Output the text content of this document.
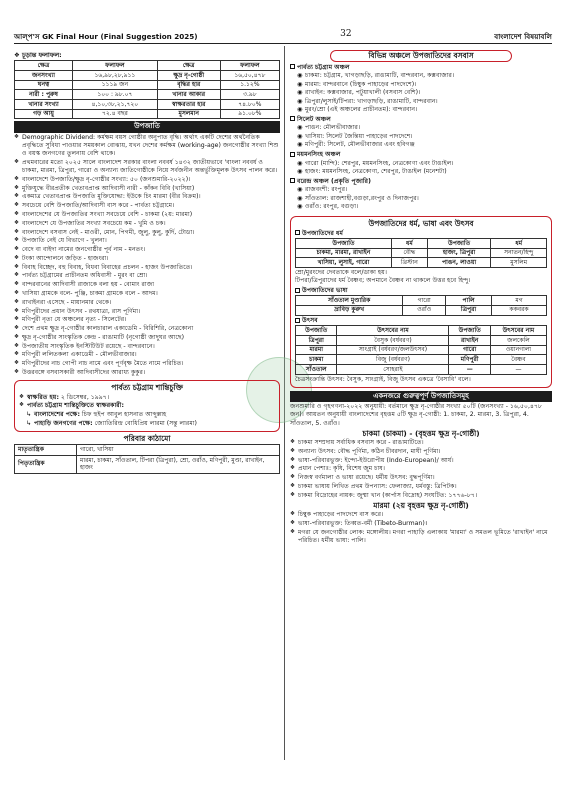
আল্‌প'স GK Final Hour (Final Suggestion 2025)	32	বাংলাদেশ বিষয়াবলি
❖ চূড়ান্ত ফলাফল:
ক্ষেত্র	ফলাফল	ক্ষেত্র	ফলাফল
জনসংখ্যা	১৬,৯৮,২৮,৯১১	ক্ষুদ্র নৃ-গোষ্ঠী	১৬,৫০,৪৭৮
ঘনত্ব	১১১৯ জন	বৃদ্ধির হার	১.১২%
নারী : পুরুষ	১০০ : ৯৮.০৭	খানার আকার	৩.৯৮
খানার সংখ্যা	৪,১০,৩৮,২১,৭২০	স্বাক্ষরতার হার	৭৪.৮০%
গড় আয়ু	৭২.৪ বছর	মুসলমান	৯১.০৮%
উপজাতি
❖ Demographic Dividend: কর্মক্ষম বয়স গোষ্ঠীর অনুপাত বৃদ্ধি। অর্থাৎ একটি দেশের অর্থনৈতিক প্রবৃদ্ধিতে সুবিধা পাওয়ার সময়কাল বোঝায়, যখন দেশের কর্মক্ষম (working-age) জনগোষ্ঠীর সংখ্যা শিশু ও বয়স্ক জনগণের তুলনায় বেশি থাকে।
❖ প্রথমবারের মতো ২০২৫ সালে বাংলাদেশ সরকার বাংলা নববর্ষ ১৪৩২ জাতীয়ভাবে 'বাংলা নববর্ষ ও চাকমা, মারমা, ত্রিপুরা, গারো ও অন্যান্য জাতিগোষ্ঠীকে নিয়ে সর্বজনীন অন্তর্ভুক্তিমূলক উৎসব পালন করে।
❖ বাংলাদেশে উপজাতি/ক্ষুদ্র নৃ-গোষ্ঠীর সংখ্যা: ৫০ (জনশুমারি-২০২২)।
❖ মুক্তিযুদ্ধে বীরপ্রতীক খেতাবপ্রাপ্ত আদিবাসী নারী - কাঁকন বিবি (খাসিয়া)
❖ একমাত্র খেতাবপ্রাপ্ত উপজাতি মুক্তিযোদ্ধা: ইউকে চিং মারমা (বীর বিক্রম)।
❖ সবচেয়ে বেশি উপজাতি/আদিবাসী বাস করে - পার্বত্য চট্টগ্রামে।
❖ বাংলাদেশের যে উপজাতির সংখ্যা সবচেয়ে বেশি - চাকমা (২য়: মারমা)
❖ বাংলাদেশে যে উপজাতির সংখ্যা সবচেয়ে কম - খুমি ও চক।
❖ বাংলাদেশে বসবাস নেই - মাওরী, মোন, পিগমী, জুলু, কুলু, কুর্দি, টোডা।
❖ উপজাতি নেই যে বিভাগে - খুলনা।
❖ বেদে বা বাইদা নামের জনগোষ্ঠীর পূর্ব নাম - মনতং।
❖ টংকা আন্দোলনে জড়িত - হাজংরা।
❖ বিবাহ বিচ্ছেদ, বহু বিবাহ, বিধবা বিবাহের প্রচলন - হাজং উপজাতিতে।
❖ পার্বত্য চট্টগ্রামের প্রাচীনতম অধিবাসী - মুরং বা ম্রো।
❖ বান্দরবানের আদিবাসী রাজাকে বলা হয় - বোমাং রাজা
❖ খাসিয়া গ্রামকে বলে- পুঞ্জি, চাকমা গ্রামকে বলে - আদম।
❖ রাখাইনরা এসেছে - মায়ানমার থেকে।
❖ মণিপুরীদের প্রধান উৎসব - রথযাত্রা, রাস পূর্ণিমা।
❖ মণিপুরী নৃত্য যে অঞ্চলের নৃত্য - সিলেটের।
❖ দেশে প্রথম ক্ষুদ্র নৃ-গোষ্ঠীর কালচারাল একাডেমি - বিরিশিরি, নেত্রকোনা
❖ ক্ষুদ্র নৃ-গোষ্ঠীর সাংস্কৃতিক কেন্দ্র - রাঙামাটি (নৃগোষ্ঠী জাদুঘর আছে)
❖ উপজাতীয় সাংস্কৃতিক ইনস্টিটিউট রয়েছে - বান্দরবানে।
❖ মণিপুরী ললিতকলা একাডেমী - মৌলভীবাজার।
❖ মণিপুরীদের নাচ গোপী নাচ নামে এবং পূর্ণবৃক্ষ মৈতে নামে পরিচিত।
❖ উত্তরবঙ্গে বসবাসকারী আদিবাসীদের আরাধ্য কুকুর।
পার্বত্য চট্টগ্রাম শান্তিচুক্তি
❖ স্বাক্ষরিত হয়: ২ ডিসেম্বর, ১৯৯৭।
❖ পার্বত্য চট্টগ্রাম শান্তিচুক্তিতে স্বাক্ষরকারী:
↳ বাংলাদেশের পক্ষে: চিফ হুইপ আবুল হাসনাত আব্দুল্লাহ
↳ পাহাড়ি জনগণের পক্ষে: জ্যোতিরিন্দ্র বোধিপ্রিয় লারমা (সন্তু লারমা)
পরিবার কাঠামো
মাতৃতান্ত্রিক	গারো, খাসিয়া
পিতৃতান্ত্রিক	মারমা, চাকমা, সাঁওতাল, টিপরা (ত্রিপুরা), ম্রো, ওরাঁও, মণিপুরী, মুণ্ডা, রাখাইন, হাজং
বিভিন্ন অঞ্চলে উপজাতিদের বসবাস
পার্বত্য চট্টগ্রাম অঞ্চল
◉ চাকমা: চট্টগ্রাম, খাগড়াছড়ি, রাঙামাটি, বান্দরবান, কক্সবাজার।
◉ মারমা: বান্দরবানে (চিম্বুক পাহাড়ের পাদদেশে)।
◉ রাখাইন: কক্সবাজার, পটুয়াখালী (বসবাস বেশি)।
◉ ত্রিপুরা/লুসাই/টিপরা: খাগড়াছড়ি, রাঙামাটি, বান্দরবান।
◉ মুরং/ম্রো (এই অঞ্চলের প্রাচীনতম): বান্দরবান।
সিলেট অঞ্চল
◉ পাঙন: মৌলভীবাজার।
◉ খাসিয়া: সিলেট জৈন্তিয়া পাহাড়ের পাদদেশে।
◉ মণিপুরী: সিলেট, মৌলভীবাজার এবং হবিগঞ্জ
ময়মনসিংহ অঞ্চল
◉ গারো (মান্দি): শেরপুর, ময়মনসিংহ, নেত্রকোণা এবং টাঙাইল।
◉ হাজং: ময়মনসিংহ, নেত্রকোণা, শেরপুর, টাঙাইল (মনেশটা)
বরেন্দ্র অঞ্চল (প্রকৃতি পূজারি)
◉ রাজবংশী: রংপুর।
◉ সাঁওতাল: রাজশাহী,বগুড়া,রংপুর ও দিনাজপুর।
◉ ওরাঁও: রংপুর, বগুড়া।
উপজাতিদের ধর্ম, ভাষা এবং উৎসব
উপজাতিদের ধর্ম
উপজাতি	ধর্ম	উপজাতি	ধর্ম
চাকমা, মারমা, রাখাইন	বৌদ্ধ	হাজং, ত্রিপুরা	সনাতন/হিন্দু
খাসিয়া, লুসাই, গারো	খ্রিস্টান	পাঙন, লাওয়া	মুসলিম
ম্রো/মুরংদের দেবতাকে বলে/ডাকা হয়।
টিপরা/ত্রিপুরাদের ধর্ম বৈষ্ণব; অপমানে বৈষ্ণব না থাকলে উত্তর হবে হিন্দু।
উপজাতিদের ভাষা
সাঁওতাল মুণ্ডারিক	গারো	পালি	মগ
দ্রাবিড় কুরুখ	ওরাঁও	ত্রিপুরা	ককবরক
উৎসব
উপজাতি	উৎসবের নাম	উপজাতি	উৎসবের নাম
ত্রিপুরা	বৈসুক (বর্ষবরণ)	রাখাইন	জলকেলি
মারমা	সাংগ্রাই (বর্ষবরণ/জলউৎসব)	গারো	ওয়ানগালা
চাকমা	বিজু (বর্ষবরণ)	মণিপুরী	বৈষ্ণব
সাঁওতাল	সোহরাই	—	—
চৈত্রসংক্রান্তি উৎসব: বৈসুক, সাংগ্রাই, বিজু উৎসব একত্রে 'বৈসাবি' বলে।
একনজরে গুরুত্বপূর্ণ উপজাতিসমূহ
জনশুমারি ও গৃহগণনা-২০২২ অনুযায়ী: বর্তমানে ক্ষুদ্র নৃ-গোষ্ঠীর সংখ্যা ৫০টি (জনসংখ্যা - ১৬,৫০,৪৭৮ জন)। আয়তন অনুযায়ী বাংলাদেশের বৃহত্তম ৫টি ক্ষুদ্র নৃ-গোষ্ঠী: 1. চাকমা, 2. মারমা, 3. ত্রিপুরা, 4. সাঁওতাল, 5. ওরাঁও।
চাকমা (চাকমা) - (বৃহত্তম ক্ষুদ্র নৃ-গোষ্ঠী)
❖ চাকমা সম্প্রদায় সর্বাধিক বসবাস করে - রাঙামাটিতে।
❖ অন্যান্য উৎসব: বৌদ্ধ পূর্ণিমা, কঠিন চীবরদান, মাঘী পূর্ণিমা।
❖ ভাষা-পরিবারভুক্ত: ইন্দো-ইউরোপীয় (Indo-European)/ আর্য।
❖ প্রধান পেশাঃ: কৃষি, বিশেষ জুম চাষ।
❖ নিজস্ব বর্ণমালা ও ভাষা রয়েছে। ধর্মীয় উৎসব: বুদ্ধপূর্ণিমা।
❖ চাকমা ভাষায় লিখিত প্রথম উপন্যাস: ফেলাজ্যা, ধর্মবস্তু: ত্রিপিটক।
❖ চাকমা বিদ্রোহের নায়ক: জুম্মা খান (কার্পাস বিদ্রোহ) সংঘটিত: ১৭৭৬-৮৭।
মারমা (২য় বৃহত্তম ক্ষুদ্র নৃ-গোষ্ঠী)
❖ চিম্বুক পাহাড়ের পাদদেশে বাস করে।
❖ ভাষা-পরিবারভুক্ত: তিব্বত-বর্মী (Tibeto-Burman)।
❖ মগরা যে জনগোষ্ঠীর লোক: মঙ্গোলীয়। মগরা পাহাড়ি এলাকায় 'মারমা' ও সমতল ভূমিতে 'রাখাইন' নামে পরিচিত। ধর্মীয় ভাষা: পালি।
